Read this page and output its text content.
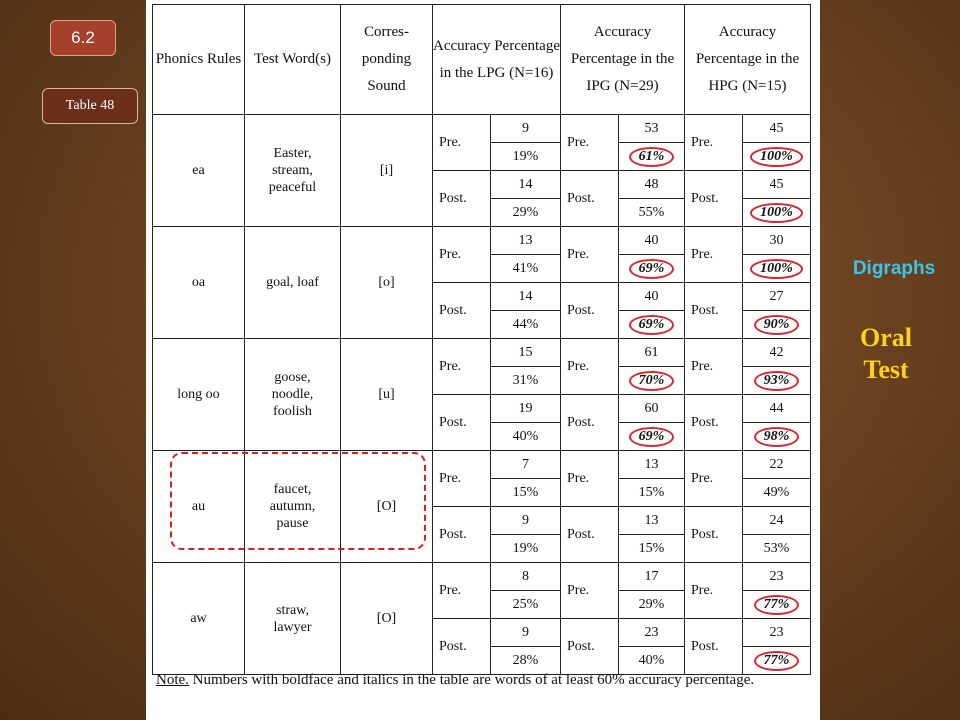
6.2
Table 48
Phonics Rules	Test Word(s)	Corres- ponding Sound	Accuracy Percentage in the LPG (N=16)		Accuracy Percentage in the IPG (N=29)		Accuracy Percentage in the HPG (N=15)	
ea	Easter, stream, peaceful	[i]	Pre.	9	Pre.	53	Pre.	45
				19%		61%		100%
			Post.	14	Post.	48	Post.	45
				29%		55%		100%
oa	goal, loaf	[o]	Pre.	13	Pre.	40	Pre.	30
				41%		69%		100%
			Post.	14	Post.	40	Post.	27
				44%		69%		90%
long oo	goose, noodle, foolish	[u]	Pre.	15	Pre.	61	Pre.	42
				31%		70%		93%
			Post.	19	Post.	60	Post.	44
				40%		69%		98%
au	faucet, autumn, pause	[O]	Pre.	7	Pre.	13	Pre.	22
				15%		15%		49%
			Post.	9	Post.	13	Post.	24
				19%		15%		53%
aw	straw, lawyer	[O]	Pre.	8	Pre.	17	Pre.	23
				25%		29%		77%
			Post.	9	Post.	23	Post.	23
				28%		40%		77%
Note. Numbers with boldface and italics in the table are words of at least 60% accuracy percentage.
Digraphs
Oral
Test
